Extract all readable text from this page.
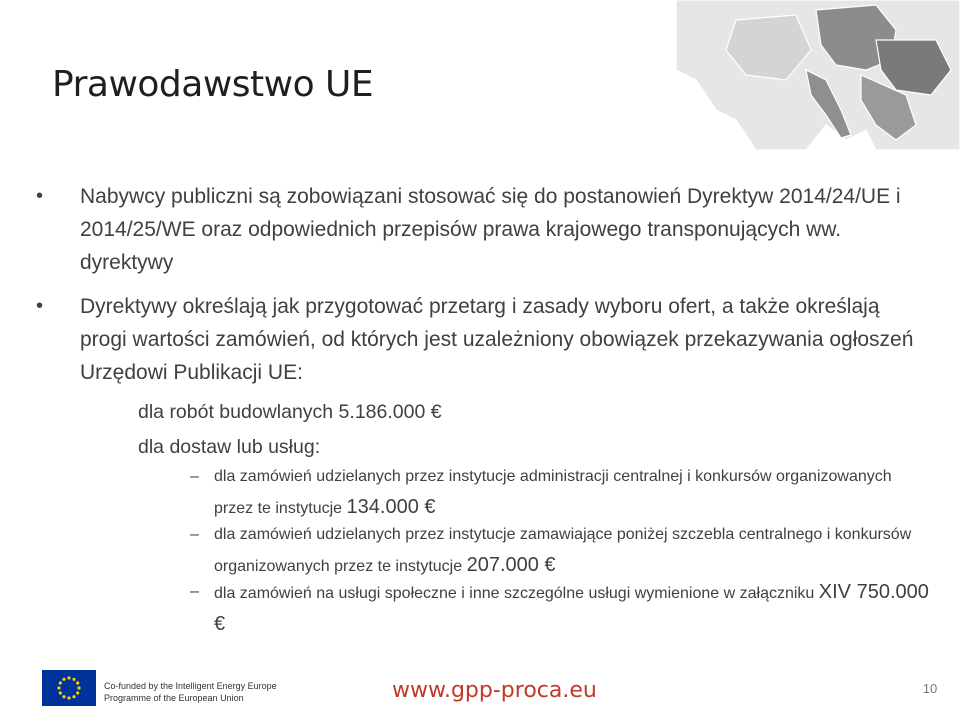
Prawodawstwo UE
• Nabywcy publiczni są zobowiązani stosować się do postanowień Dyrektyw 2014/24/UE i 2014/25/WE oraz odpowiednich przepisów prawa krajowego transponujących ww. dyrektywy
• Dyrektywy określają jak przygotować przetarg i zasady wyboru ofert, a także określają progi wartości zamówień, od których jest uzależniony obowiązek przekazywania ogłoszeń Urzędowi Publikacji UE:
dla robót budowlanych 5.186.000 €
dla dostaw lub usług:
– dla zamówień udzielanych przez instytucje administracji centralnej i konkursów organizowanych przez te instytucje 134.000 €
– dla zamówień udzielanych przez instytucje zamawiające poniżej szczebla centralnego i konkursów organizowanych przez te instytucje 207.000 €
– dla zamówień na usługi społeczne i inne szczególne usługi wymienione w załączniku XIV 750.000 €
Co-funded by the Intelligent Energy Europe
Programme of the European Union	www.gpp-proca.eu	10
